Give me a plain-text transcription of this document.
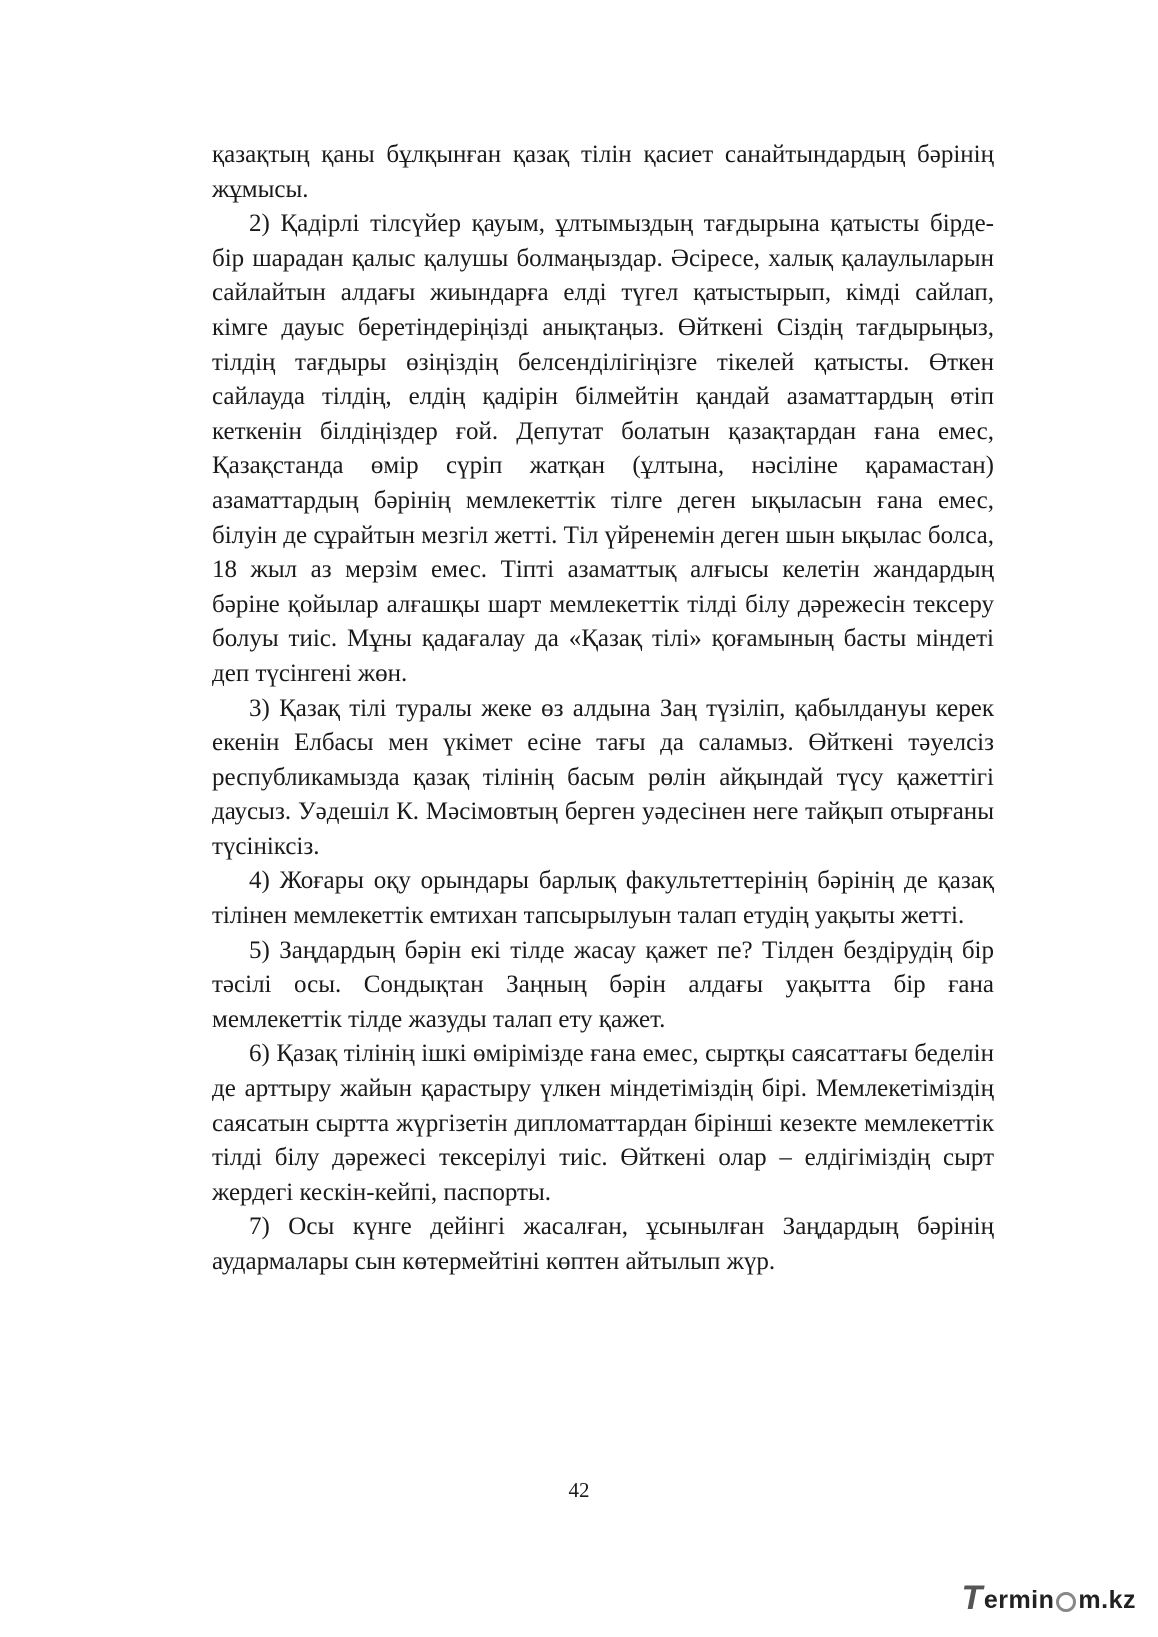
қазақтың қаны бұлқынған қазақ тілін қасиет санайтындардың бәрінің жұмысы.

2) Қадірлі тілсүйер қауым, ұлтымыздың тағдырына қатысты бірде-бір шарадан қалыс қалушы болмаңыздар. Әсіресе, халық қалаулыларын сайлайтын алдағы жиындарға елді түгел қатыстырып, кімді сайлап, кімге дауыс беретіндеріңізді анықтаңыз. Өйткені Сіздің тағдырыңыз, тілдің тағдыры өзіңіздің белсенділігіңізге тікелей қатысты. Өткен сайлауда тілдің, елдің қадірін білмейтін қандай азаматтардың өтіп кеткенін білдіңіздер ғой. Депутат болатын қазақтардан ғана емес, Қазақстанда өмір сүріп жатқан (ұлтына, нәсіліне қарамастан) азаматтардың бәрінің мемлекеттік тілге деген ықыласын ғана емес, білуін де сұрайтын мезгіл жетті. Тіл үйренемін деген шын ықылас болса, 18 жыл аз мерзім емес. Тіпті азаматтық алғысы келетін жандардың бәріне қойылар алғашқы шарт мемлекеттік тілді білу дәрежесін тексеру болуы тиіс. Мұны қадағалау да «Қазақ тілі» қоғамының басты міндеті деп түсінгені жөн.

3) Қазақ тілі туралы жеке өз алдына Заң түзіліп, қабылдануы керек екенін Елбасы мен үкімет есіне тағы да саламыз. Өйткені тәуелсіз республикамызда қазақ тілінің басым рөлін айқындай түсу қажеттігі даусыз. Уәдешіл К. Мәсімовтың берген уәдесінен неге тайқып отырғаны түсініксіз.

4) Жоғары оқу орындары барлық факультеттерінің бәрінің де қазақ тілінен мемлекеттік емтихан тапсырылуын талап етудің уақыты жетті.

5) Заңдардың бәрін екі тілде жасау қажет пе? Тілден бездірудің бір тәсілі осы. Сондықтан Заңның бәрін алдағы уақытта бір ғана мемлекеттік тілде жазуды талап ету қажет.

6) Қазақ тілінің ішкі өміріміздe ғана емес, сыртқы саясаттағы беделін де арттыру жайын қарастыру үлкен міндетіміздің бірі. Мемлекетіміздің саясатын сыртта жүргізетін дипломаттардан бірінші кезекте мемлекеттік тілді білу дәрежесі тексерілуі тиіс. Өйткені олар – елдігіміздің сырт жердегі кескін-кейпі, паспорты.

7) Осы күнге дейінгі жасалған, ұсынылған Заңдардың бәрінің аудармалары сын көтермейтіні көптен айтылып жүр.

42
T ermin m.kz
